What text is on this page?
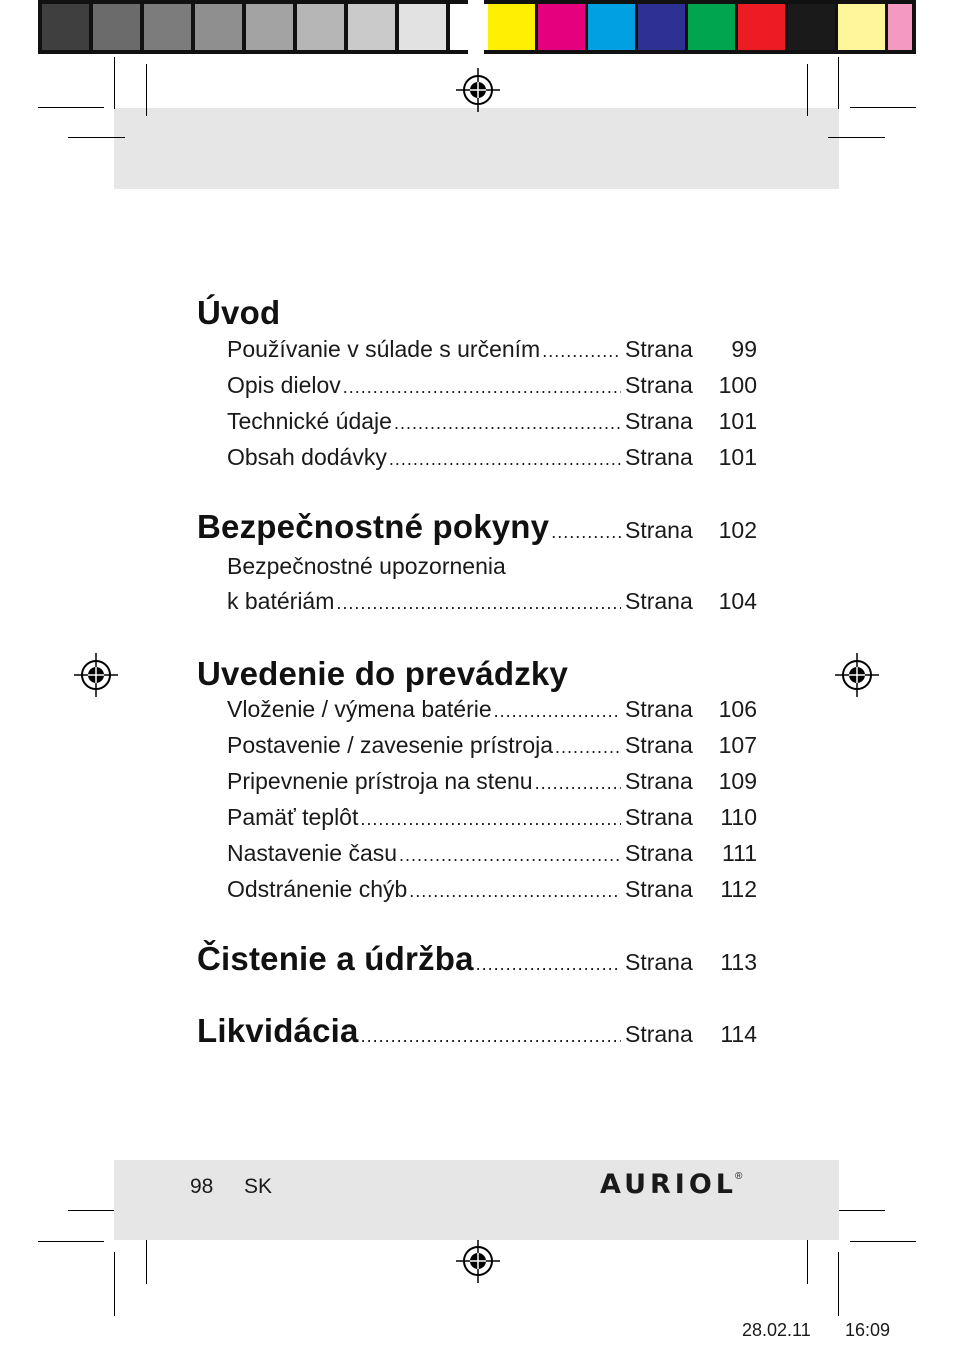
Úvod
Používanie v súlade s určením .....	Strana	99
Opis dielov .....	Strana	100
Technické údaje .....	Strana	101
Obsah dodávky .....	Strana	101
Bezpečnostné pokyny .....	Strana	102
Bezpečnostné upozornenia
k batériám .....	Strana	104
Uvedenie do prevádzky
Vloženie / výmena batérie .....	Strana	106
Postavenie / zavesenie prístroja .....	Strana	107
Pripevnenie prístroja na stenu .....	Strana	109
Pamäť teplôt .....	Strana	110
Nastavenie času .....	Strana	111
Odstránenie chýb .....	Strana	112
Čistenie a údržba .....	Strana	113
Likvidácia .....	Strana	114
98 SK	AURIOL
®
28.02.11 16:09
